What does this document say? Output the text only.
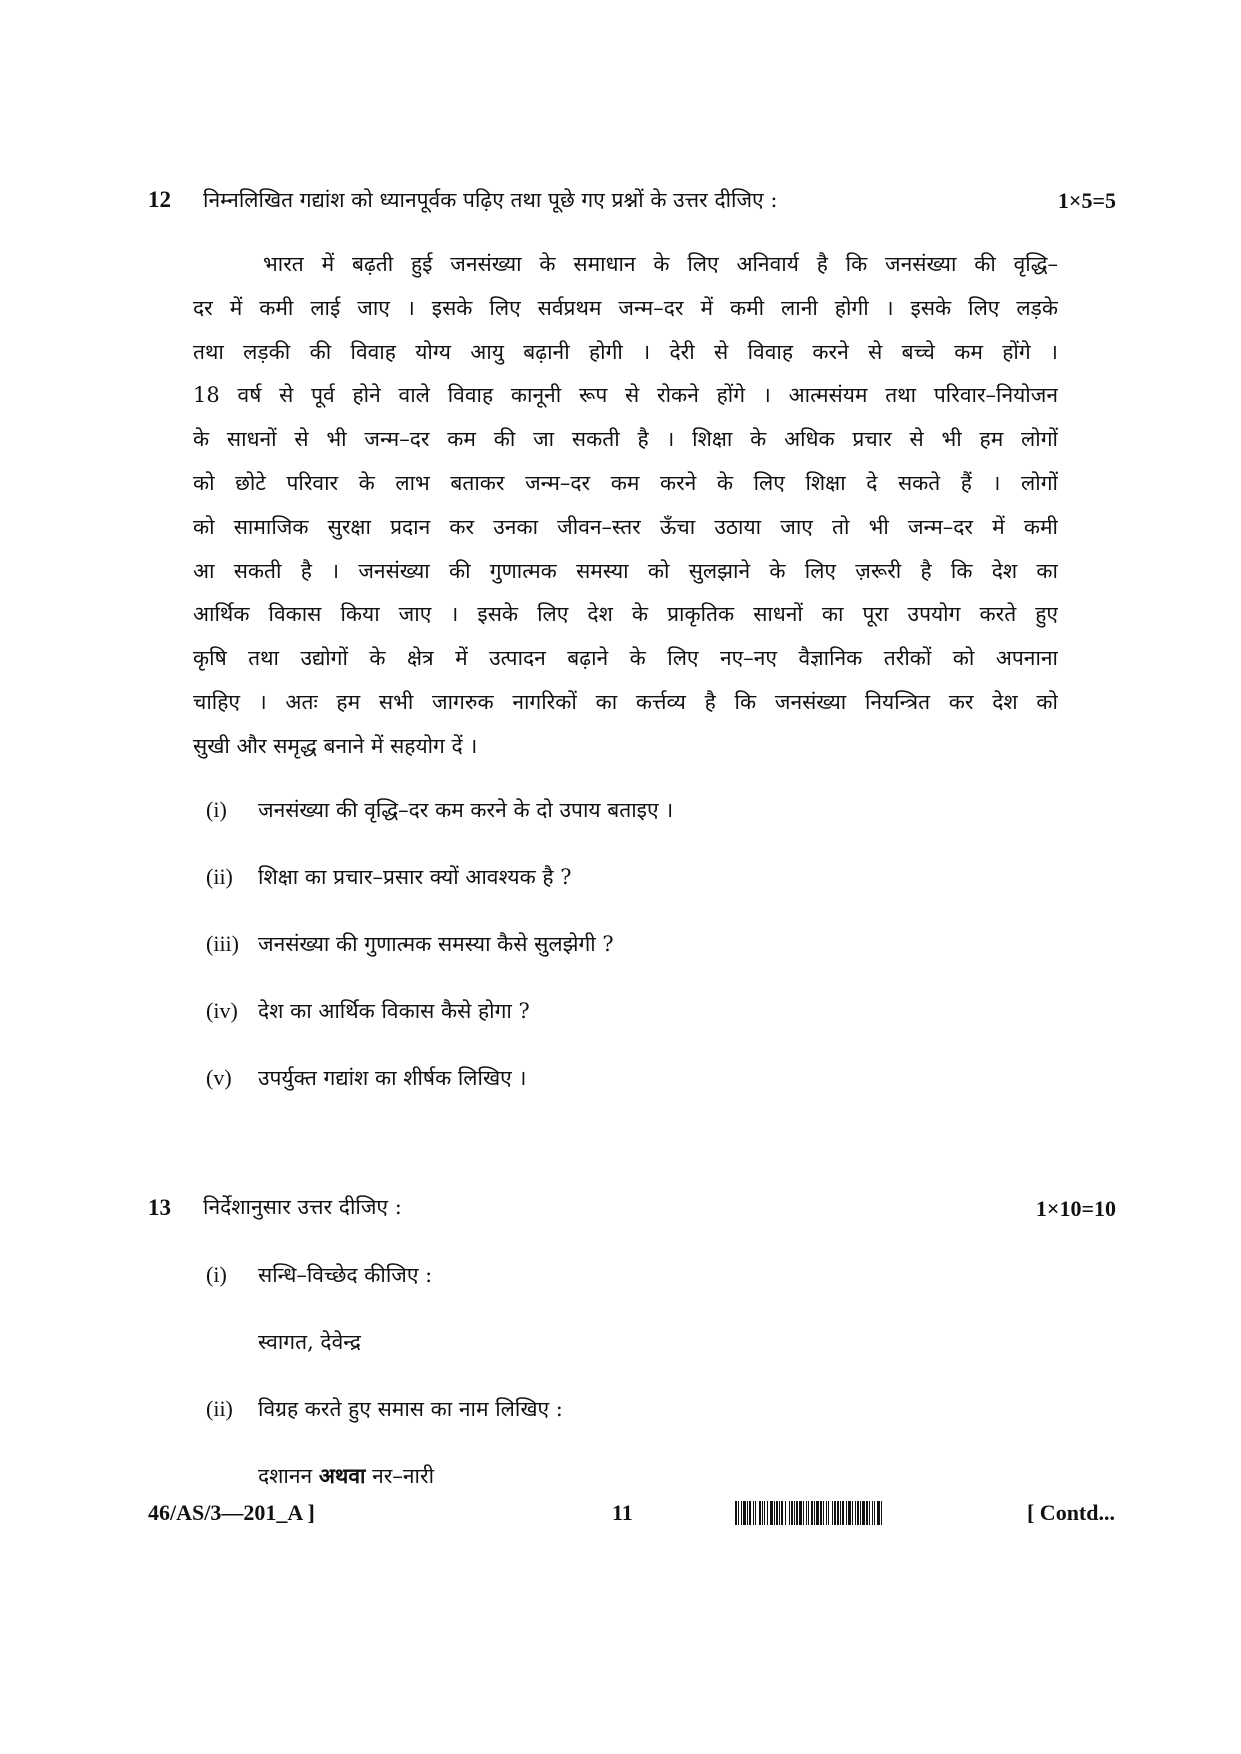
12 निम्नलिखित गद्यांश को ध्यानपूर्वक पढ़िए तथा पूछे गए प्रश्नों के उत्तर दीजिए :	1×5=5
भारत में बढ़ती हुई जनसंख्या के समाधान के लिए अनिवार्य है कि जनसंख्या की वृद्धि–
दर में कमी लाई जाए । इसके लिए सर्वप्रथम जन्म–दर में कमी लानी होगी । इसके लिए लड़के
तथा लड़की की विवाह योग्य आयु बढ़ानी होगी । देरी से विवाह करने से बच्चे कम होंगे ।
18 वर्ष से पूर्व होने वाले विवाह कानूनी रूप से रोकने होंगे । आत्मसंयम तथा परिवार–नियोजन
के साधनों से भी जन्म–दर कम की जा सकती है । शिक्षा के अधिक प्रचार से भी हम लोगों
को छोटे परिवार के लाभ बताकर जन्म–दर कम करने के लिए शिक्षा दे सकते हैं । लोगों
को सामाजिक सुरक्षा प्रदान कर उनका जीवन–स्तर ऊँचा उठाया जाए तो भी जन्म–दर में कमी
आ सकती है । जनसंख्या की गुणात्मक समस्या को सुलझाने के लिए ज़रूरी है कि देश का
आर्थिक विकास किया जाए । इसके लिए देश के प्राकृतिक साधनों का पूरा उपयोग करते हुए
कृषि तथा उद्योगों के क्षेत्र में उत्पादन बढ़ाने के लिए नए–नए वैज्ञानिक तरीकों को अपनाना
चाहिए । अतः हम सभी जागरुक नागरिकों का कर्त्तव्य है कि जनसंख्या नियन्त्रित कर देश को
सुखी और समृद्ध बनाने में सहयोग दें ।
(i) जनसंख्या की वृद्धि–दर कम करने के दो उपाय बताइए ।
(ii) शिक्षा का प्रचार–प्रसार क्यों आवश्यक है ?
(iii) जनसंख्या की गुणात्मक समस्या कैसे सुलझेगी ?
(iv) देश का आर्थिक विकास कैसे होगा ?
(v) उपर्युक्त गद्यांश का शीर्षक लिखिए ।
13 निर्देशानुसार उत्तर दीजिए :	1×10=10
(i) सन्धि–विच्छेद कीजिए :
स्वागत, देवेन्द्र
(ii) विग्रह करते हुए समास का नाम लिखिए :
दशानन अथवा नर–नारी
46/AS/3—201_A ]	11	[ Contd...
